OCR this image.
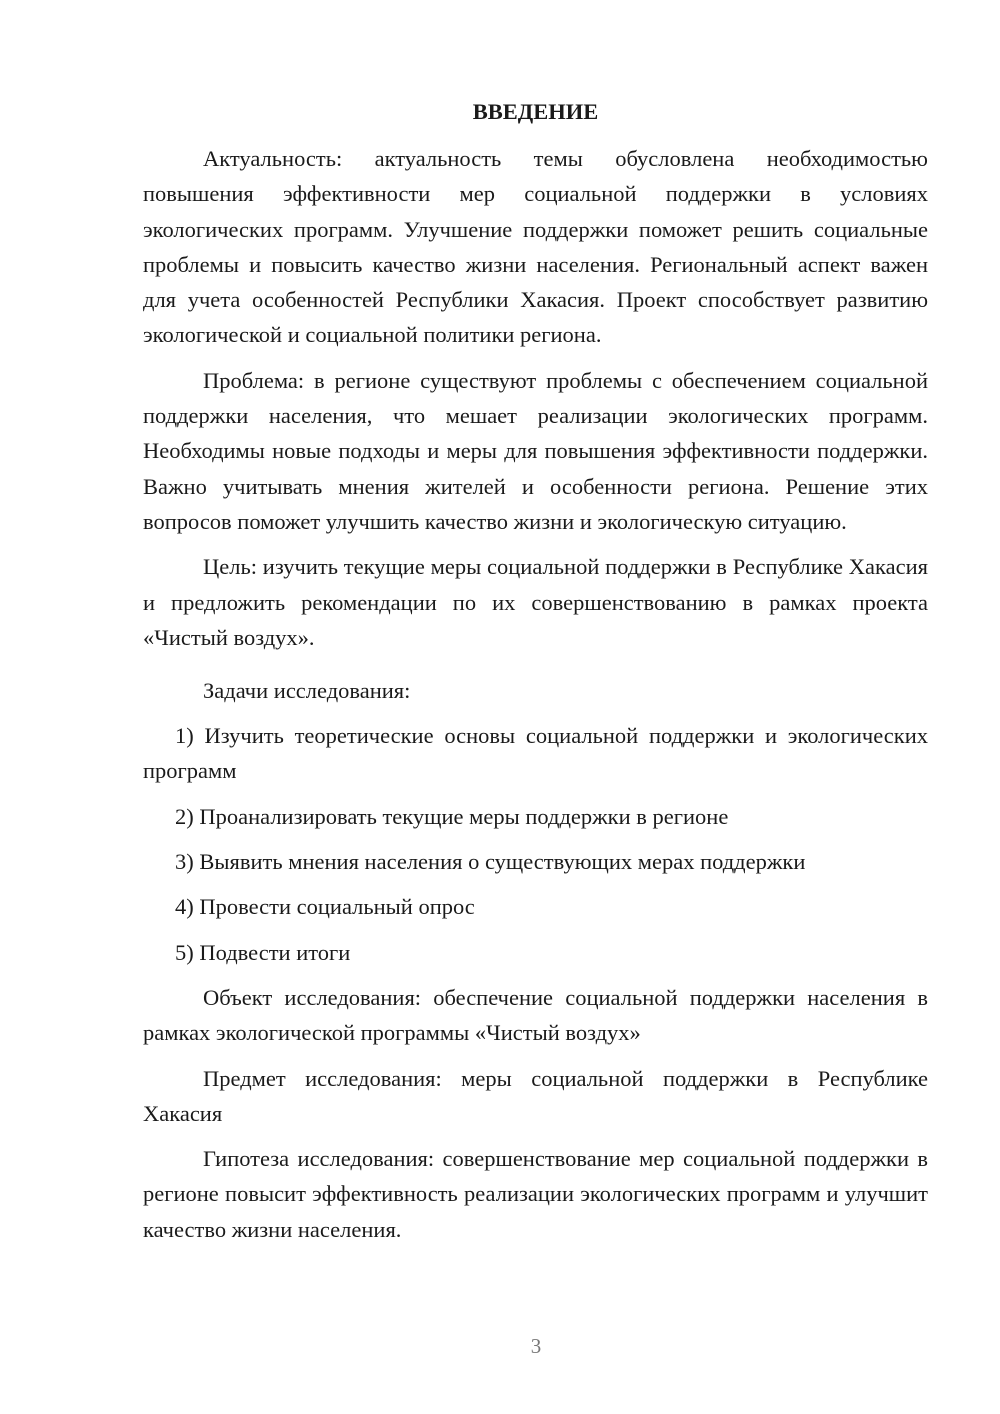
ВВЕДЕНИЕ

Актуальность: актуальность темы обусловлена необходимостью повышения эффективности мер социальной поддержки в условиях экологических программ. Улучшение поддержки поможет решить социальные проблемы и повысить качество жизни населения. Региональный аспект важен для учета особенностей Республики Хакасия. Проект способствует развитию экологической и социальной политики региона.

Проблема: в регионе существуют проблемы с обеспечением социальной поддержки населения, что мешает реализации экологических программ. Необходимы новые подходы и меры для повышения эффективности поддержки. Важно учитывать мнения жителей и особенности региона. Решение этих вопросов поможет улучшить качество жизни и экологическую ситуацию.

Цель: изучить текущие меры социальной поддержки в Республике Хакасия и предложить рекомендации по их совершенствованию в рамках проекта «Чистый воздух».

Задачи исследования:

1) Изучить теоретические основы социальной поддержки и экологических программ

2) Проанализировать текущие меры поддержки в регионе

3) Выявить мнения населения о существующих мерах поддержки

4) Провести социальный опрос

5) Подвести итоги

Объект исследования: обеспечение социальной поддержки населения в рамках экологической программы «Чистый воздух»

Предмет исследования: меры социальной поддержки в Республике Хакасия

Гипотеза исследования: совершенствование мер социальной поддержки в регионе повысит эффективность реализации экологических программ и улучшит качество жизни населения.

3
